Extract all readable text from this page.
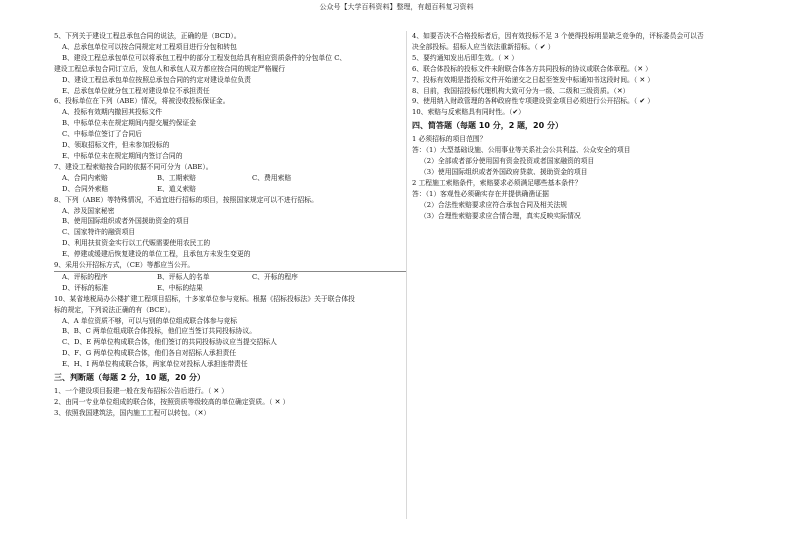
公众号【大学百科资料】整理，有超百科复习资料
5、下列关于建设工程总承包合同的说法，正确的是（BCD）。
A、总承包单位可以按合同规定对工程项目进行分包和转包
B、建设工程总承包单位可以将承包工程中的部分工程发包给具有相应资质条件的分包单位 C、
建设工程总承包合同订立后，发包人和承包人双方都应按合同的规定严格履行
D、建设工程总承包单位按照总承包合同的约定对建设单位负责
E、总承包单位就分包工程对建设单位不承担责任
6、投标单位在下列（ABE）情况，将被没收投标保证金。
A、投标有效期内撤回其投标文件
B、中标单位未在规定期间内提交履约保证金
C、中标单位签订了合同后
D、领取招标文件，但未参加投标的
E、中标单位未在规定期间内签订合同的
7、建设工程索赔按合同的依据不同可分为（ABE）。
A、合同内索赔	B、工期索赔	C、费用索赔
D、合同外索赔	E、道义索赔
8、下列（ABE）等特殊情况，不适宜进行招标的项目，按照国家规定可以不进行招标。
A、涉及国家秘密
B、使用国际组织或者外国援助资金的项目
C、国家特许的融资项目
D、利用扶贫资金实行以工代赈需要使用农民工的
E、停建或缓建后恢复建设的单位工程，且承包方未发生变更的
9、采用公开招标方式，（CE）等都应当公开。
A、评标的程序	B、评标人的名单	C、开标的程序
D、评标的标准	E、中标的结果
10、某省地税局办公楼扩建工程项目招标，十多家单位参与竞标。根据《招标投标法》关于联合体投
标的规定，下列说法正确的有（BCE）。
A、A 单位资质不够，可以与别的单位组成联合体参与竞标
B、B、C 两单位组成联合体投标，他们应当签订共同投标协议。
C、D、E 两单位构成联合体，他们签订的共同投标协议应当提交招标人
D、F、G 两单位构成联合体，他们各自对招标人承担责任
E、H、I 两单位构成联合体，两家单位对投标人承担连带责任
三、判断题（每题 2 分，10 题，20 分）
1、一个建设项目报建一般在发布招标公告后进行。（ ✕ ）
2、由同一专业单位组成的联合体，按照资质等级较高的单位确定资质。（ ✕ ）
3、依照我国建筑法，国内施工工程可以转包。（✕）
4、如要否决不合格投标者后，因有效投标不足 3 个使得投标明显缺乏竞争的，评标委员会可以否
决全部投标。招标人应当依法重新招标。（ ✔ ）
5、要约通知发出后即生效。（ ✕ ）
6、联合体投标的投标文件未附联合体各方共同投标的协议或联合体章程。（✕ ）
7、投标有效期是指投标文件开始递交之日起至签发中标通知书这段时间。（ ✕ ）
8、目前，我国招投标代理机构大致可分为一级、二级和三级资质。（✕）
9、使用纳入财政管理的各种政府性专项建设资金项目必须进行公开招标。（ ✔ ）
10、索赔与反索赔具有同时性。（✔）
四、简答题（每题 10 分，2 题，20 分）
1 必须招标的项目范围？
答：（1）大型基础设施、公用事业等关系社会公共利益、公众安全的项目
（2）全部或者部分使用国有资金投资或者国家融资的项目
（3）使用国际组织或者外国政府贷款、援助资金的项目
2 工程施工索赔条件，索赔要求必须满足哪些基本条件？
答：（1）客观性必须确实存在并提供确凿证据
（2）合法性索赔要求应符合承包合同及相关法规
（3）合理性索赔要求应合情合理，真实反映实际情况
